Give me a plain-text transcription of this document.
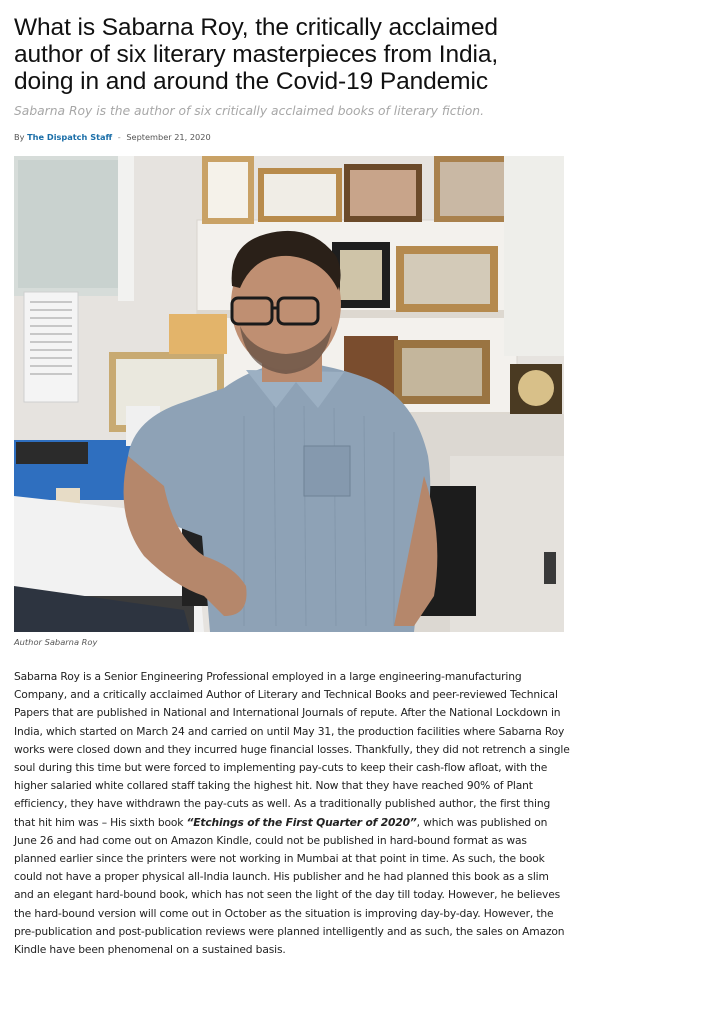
What is Sabarna Roy, the critically acclaimed author of six literary masterpieces from India, doing in and around the Covid-19 Pandemic
Sabarna Roy is the author of six critically acclaimed books of literary fiction.
By The Dispatch Staff - September 21, 2020
Author Sabarna Roy
Sabarna Roy is a Senior Engineering Professional employed in a large engineering-manufacturing Company, and a critically acclaimed Author of Literary and Technical Books and peer-reviewed Technical Papers that are published in National and International Journals of repute. After the National Lockdown in India, which started on March 24 and carried on until May 31, the production facilities where Sabarna Roy works were closed down and they incurred huge financial losses. Thankfully, they did not retrench a single soul during this time but were forced to implementing pay-cuts to keep their cash-flow afloat, with the higher salaried white collared staff taking the highest hit. Now that they have reached 90% of Plant efficiency, they have withdrawn the pay-cuts as well. As a traditionally published author, the first thing that hit him was – His sixth book “Etchings of the First Quarter of 2020”, which was published on June 26 and had come out on Amazon Kindle, could not be published in hard-bound format as was planned earlier since the printers were not working in Mumbai at that point in time. As such, the book could not have a proper physical all-India launch. His publisher and he had planned this book as a slim and an elegant hard-bound book, which has not seen the light of the day till today. However, he believes the hard-bound version will come out in October as the situation is improving day-by-day. However, the pre-publication and post-publication reviews were planned intelligently and as such, the sales on Amazon Kindle have been phenomenal on a sustained basis.
